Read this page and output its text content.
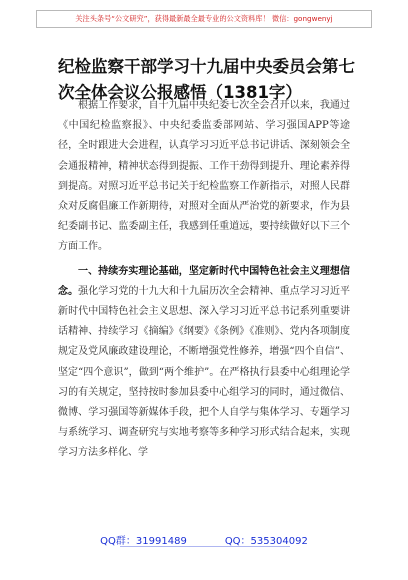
关注头条号“公文研究”，获得最新最全最专业的公文资料库！ 微信：gongwenyj
纪检监察干部学习十九届中央委员会第七次全体会议公报感悟（1381字）

根据工作要求，自十九届中央纪委七次全会召开以来，我通过《中国纪检监察报》、中央纪委监委部网站、学习强国APP等途径，全时跟进大会进程，认真学习习近平总书记讲话、深刻领会全会通报精神，精神状态得到提振、工作干劲得到提升、理论素养得到提高。对照习近平总书记关于纪检监察工作新指示，对照人民群众对反腐倡廉工作新期待，对照对全面从严治党的新要求，作为县纪委副书记、监委副主任，我感到任重道远，要持续做好以下三个方面工作。

一、持续夯实理论基础，坚定新时代中国特色社会主义理想信念。强化学习党的十九大和十九届历次全会精神、重点学习习近平新时代中国特色社会主义思想、深入学习习近平总书记系列重要讲话精神、持续学习《摘编》《纲要》《条例》《准则》、党内各项制度规定及党风廉政建设理论，不断增强党性修养，增强“四个自信”、坚定“四个意识”，做到“两个维护”。在严格执行县委中心组理论学习的有关规定，坚持按时参加县委中心组学习的同时，通过微信、微博、学习强国等新媒体手段，把个人自学与集体学习、专题学习与系统学习、调查研究与实地考察等多种学习形式结合起来，实现学习方法多样化、学

QQ群：31991489	QQ：535304092
